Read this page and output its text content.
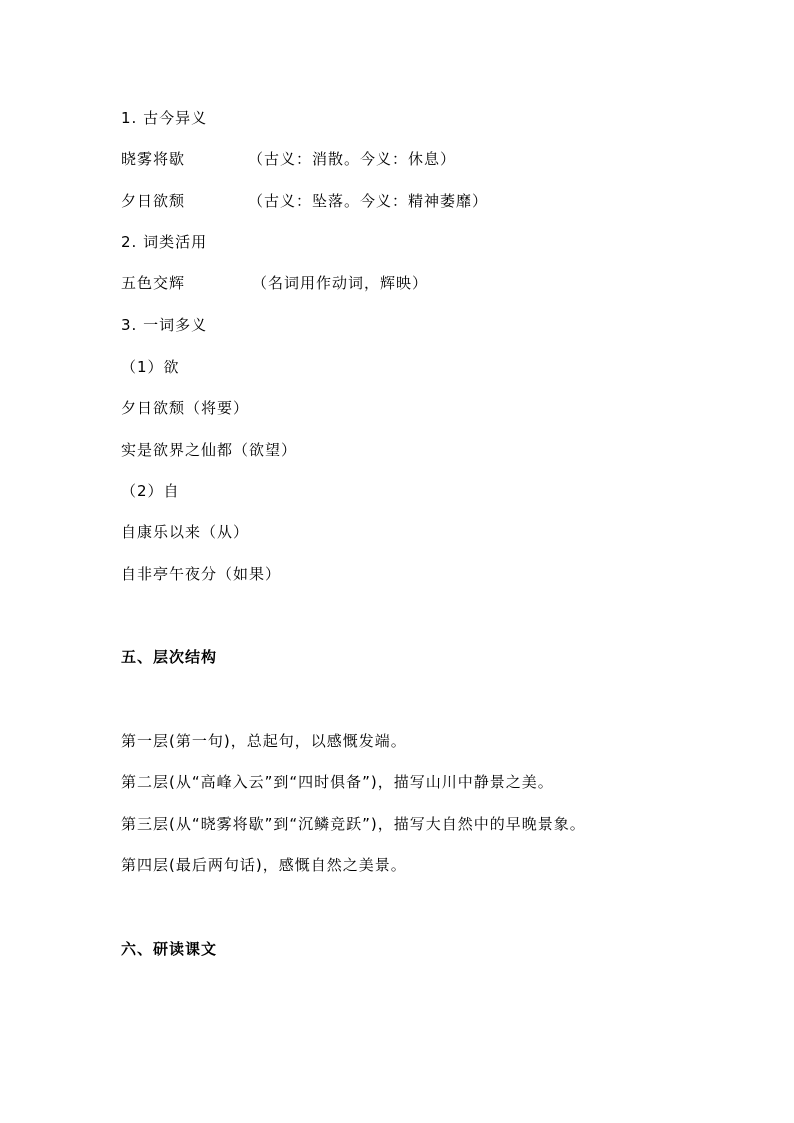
1. 古今异义
晓雾将歇	（古义：消散。今义：休息）
夕日欲颓	（古义：坠落。今义：精神萎靡）
2. 词类活用
五色交辉	（名词用作动词，辉映）
3. 一词多义
（1）欲
夕日欲颓（将要）
实是欲界之仙都（欲望）
（2）自
自康乐以来（从）
自非亭午夜分（如果）
五、层次结构
第一层(第一句)，总起句，以感慨发端。
第二层(从“高峰入云”到“四时俱备”)，描写山川中静景之美。
第三层(从“晓雾将歇”到“沉鳞竞跃”)，描写大自然中的早晚景象。
第四层(最后两句话)，感慨自然之美景。
六、研读课文
